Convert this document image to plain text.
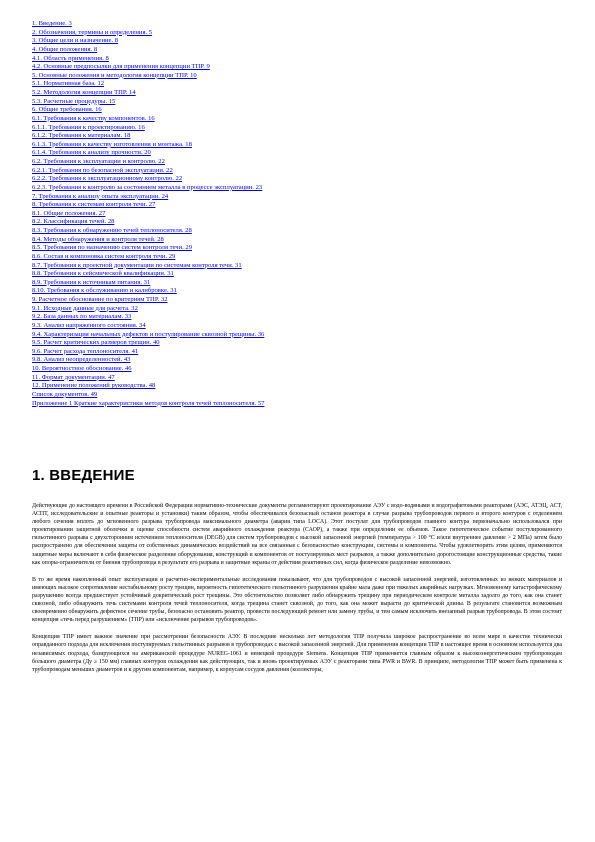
1. Введение. 3
2. Обозначения, термины и определения. 5
3. Общие цели и назначение. 8
4. Общие положения. 8
4.1. Область применения. 8
4.2. Основные предпосылки для применения концепции ТПР. 9
5. Основные положения и методология концепции ТПР. 10
5.1. Нормативная база. 12
5.2. Методология концепции ТПР. 14
5.3. Расчетные процедуры. 15
6. Общие требования. 16
6.1. Требования к качеству компонентов. 16
6.1.1. Требования к проектированию. 16
6.1.2. Требования к материалам. 18
6.1.3. Требования к качеству изготовления и монтажа. 18
6.1.4. Требования к анализу прочности. 20
6.2. Требования к эксплуатации и контролю. 22
6.2.1. Требования по безопасной эксплуатации. 22
6.2.2. Требования к эксплуатационному контролю. 22
6.2.3. Требования к контролю за состоянием металла в процессе эксплуатации. 23
7. Требования к анализу опыта эксплуатации. 24
8. Требования к системам контроля течи. 27
8.1. Общие положения. 27
8.2. Классификация течей. 28
8.3. Требования к обнаружению течей теплоносителя. 28
8.4. Методы обнаружения и контроля течей. 28
8.5. Требования по назначению систем контроля течи. 29
8.6. Состав и компоновка систем контроля течи. 29
8.7. Требования к проектной документации по системам контроля течи. 31
8.8. Требования к сейсмической квалификации. 31
8.9. Требования к источникам питания. 31
8.10. Требования к обслуживанию и калибровке. 31
9. Расчетное обоснование по критериям ТПР. 32
9.1. Исходные данные для расчета. 32
9.2. База данных по материалам. 33
9.3. Анализ напряженного состояния. 34
9.4. Характеризация начальных дефектов и постулирование сквозной трещины. 36
9.5. Расчет критических размеров трещин. 40
9.6. Расчет расхода теплоносителя. 41
9.8. Анализ неопределенностей. 43
10. Вероятностное обоснование. 46
11. Формат документации. 47
12. Применение положений руководства. 48
Список документов. 49
Приложение 1 Краткие характеристики методов контроля течей теплоносителя. 57
1. ВВЕДЕНИЕ

Действующие до настоящего времени в Российской Федерации нормативно-технические документы регламентируют проектирование АЭУ с водо-водяными и водографитовыми реакторами (АЭС, АТЭЦ, АСТ, АСПТ, исследовательские и опытные реакторы и установки) таким образом, чтобы обеспечивался безопасный останов реактора в случае разрыва трубопроводов первого и второго контуров с отделением любого сечения вплоть до мгновенного разрыва трубопровода максимального диаметра (авария типа LOCA). Этот постулат для трубопроводов главного контура первоначально использовался при проектировании защитной оболочки и оценке способности систем аварийного охлаждения реактора (САОР), а также при определении ее объемов. Такое гипотетическое событие постулированного гильотинного разрыва с двухсторонним истечением теплоносителя (DEGB) для систем трубопроводов с высокой запасенной энергией (температура > 100 °С и/или внутреннее давление > 2 МПа) затем было распространено для обеспечения защиты от собственных динамических воздействий на все связанные с безопасностью конструкции, системы и компоненты. Чтобы удовлетворить этим целям, применяются защитные меры включают в себя физическое разделение оборудования, конструкций и компонентов от постулируемых мест разрывов, а также дополнительно дорогостоящие конструкционные средства, такие как опоры-ограничители от биения трубопровода в результате его разрыва и защитные экраны от действия реактивных сил, когда физическое разделение невозможно.

В то же время накопленный опыт эксплуатации и расчетно-экспериментальные исследования показывают, что для трубопроводов с высокой запасенной энергией, изготовленных из вязких материалов и имеющих высокое сопротивление нестабильному росту трещин, вероятность гипотетического гильотинного разрушения крайне мала даже при тяжелых аварийных нагрузках. Мгновенному катастрофическому разрушению всегда предшествует устойчивый докритический рост трещины. Это обстоятельство позволяет либо обнаружить трещину при периодическом контроле металла задолго до того, как она станет сквозной, либо обнаружить течь системами контроля течей теплоносителя, когда трещина станет сквозной, до того, как она может вырасти до критической длины. В результате становится возможным своевременно обнаружить дефектное сечение трубы, безопасно остановить реактор, провести последующий ремонт или замену трубы, и тем самым исключить внезапный разрыв трубопровода. В этом состоит концепция «течь перед разрушением» (ТПР) или «исключение разрывов трубопроводов».

Концепция ТПР имеет важное значение при рассмотрении безопасности АЭУ. В последние несколько лет методология ТПР получила широкое распространение во всем мире в качестве технически оправданного подхода для исключения постулируемых гильотинных разрывов в трубопроводах с высокой запасенной энергией. Для применения концепции ТПР в настоящее время в основном используется два независимых подхода, базирующихся на американской процедуре NUREG-1061 и немецкой процедуре Siemens. Концепция ТПР применяется главным образом к высокоэнергетическим трубопроводам большого диаметра (Ду ≥ 150 мм) главных контуров охлаждения как действующих, так и вновь проектируемых АЭУ с реакторами типа PWR и BWR. В принципе, методология ТПР может быть применена к трубопроводам меньших диаметров и к другим компонентам, например, к корпусам сосудов давления (коллекторы,
